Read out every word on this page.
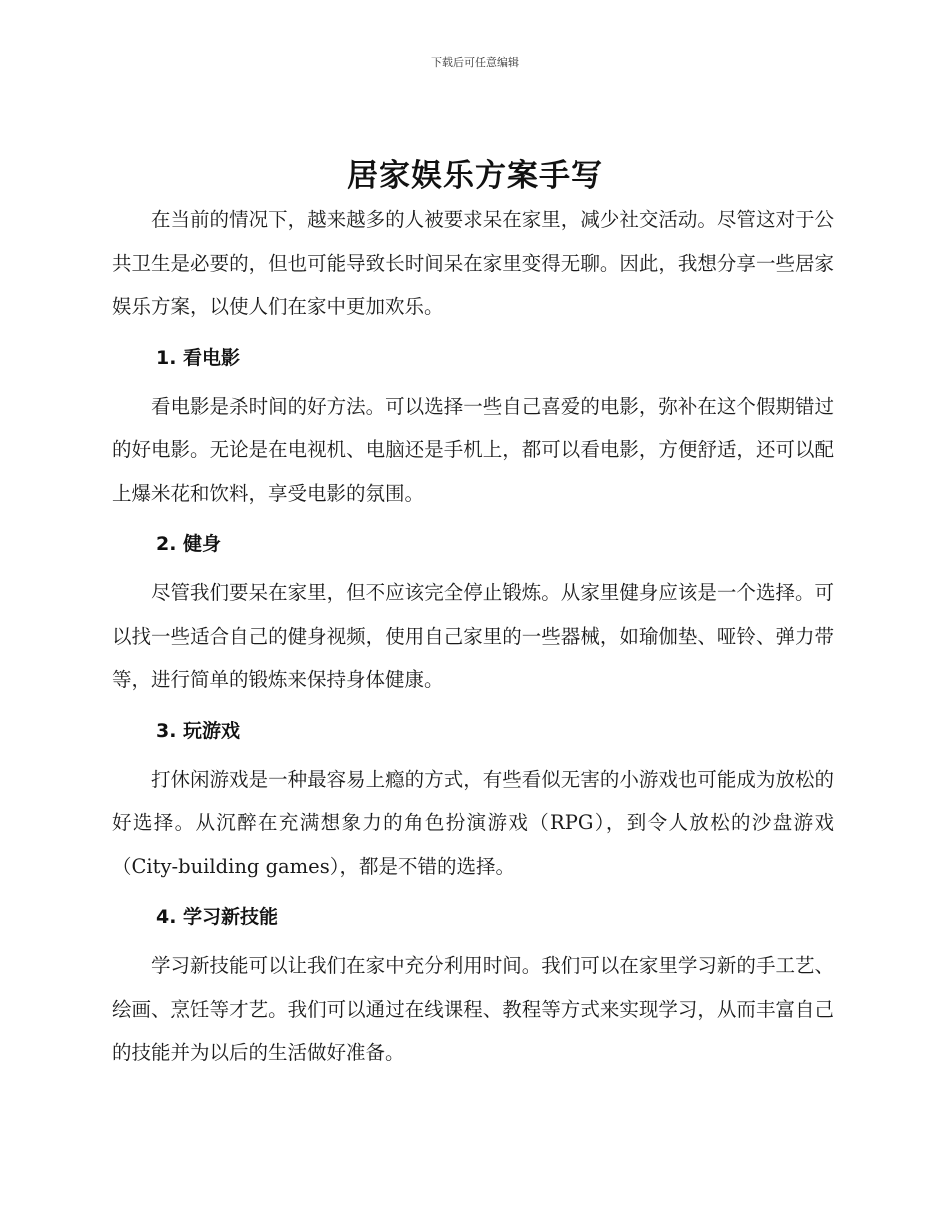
下载后可任意编辑
居家娱乐方案手写

在当前的情况下，越来越多的人被要求呆在家里，减少社交活动。尽管这对于公共卫生是必要的，但也可能导致长时间呆在家里变得无聊。因此，我想分享一些居家娱乐方案，以使人们在家中更加欢乐。

1. 看电影

看电影是杀时间的好方法。可以选择一些自己喜爱的电影，弥补在这个假期错过的好电影。无论是在电视机、电脑还是手机上，都可以看电影，方便舒适，还可以配上爆米花和饮料，享受电影的氛围。

2. 健身

尽管我们要呆在家里，但不应该完全停止锻炼。从家里健身应该是一个选择。可以找一些适合自己的健身视频，使用自己家里的一些器械，如瑜伽垫、哑铃、弹力带等，进行简单的锻炼来保持身体健康。

3. 玩游戏

打休闲游戏是一种最容易上瘾的方式，有些看似无害的小游戏也可能成为放松的好选择。从沉醉在充满想象力的角色扮演游戏（RPG），到令人放松的沙盘游戏（City-building games），都是不错的选择。

4. 学习新技能

学习新技能可以让我们在家中充分利用时间。我们可以在家里学习新的手工艺、绘画、烹饪等才艺。我们可以通过在线课程、教程等方式来实现学习，从而丰富自己的技能并为以后的生活做好准备。
